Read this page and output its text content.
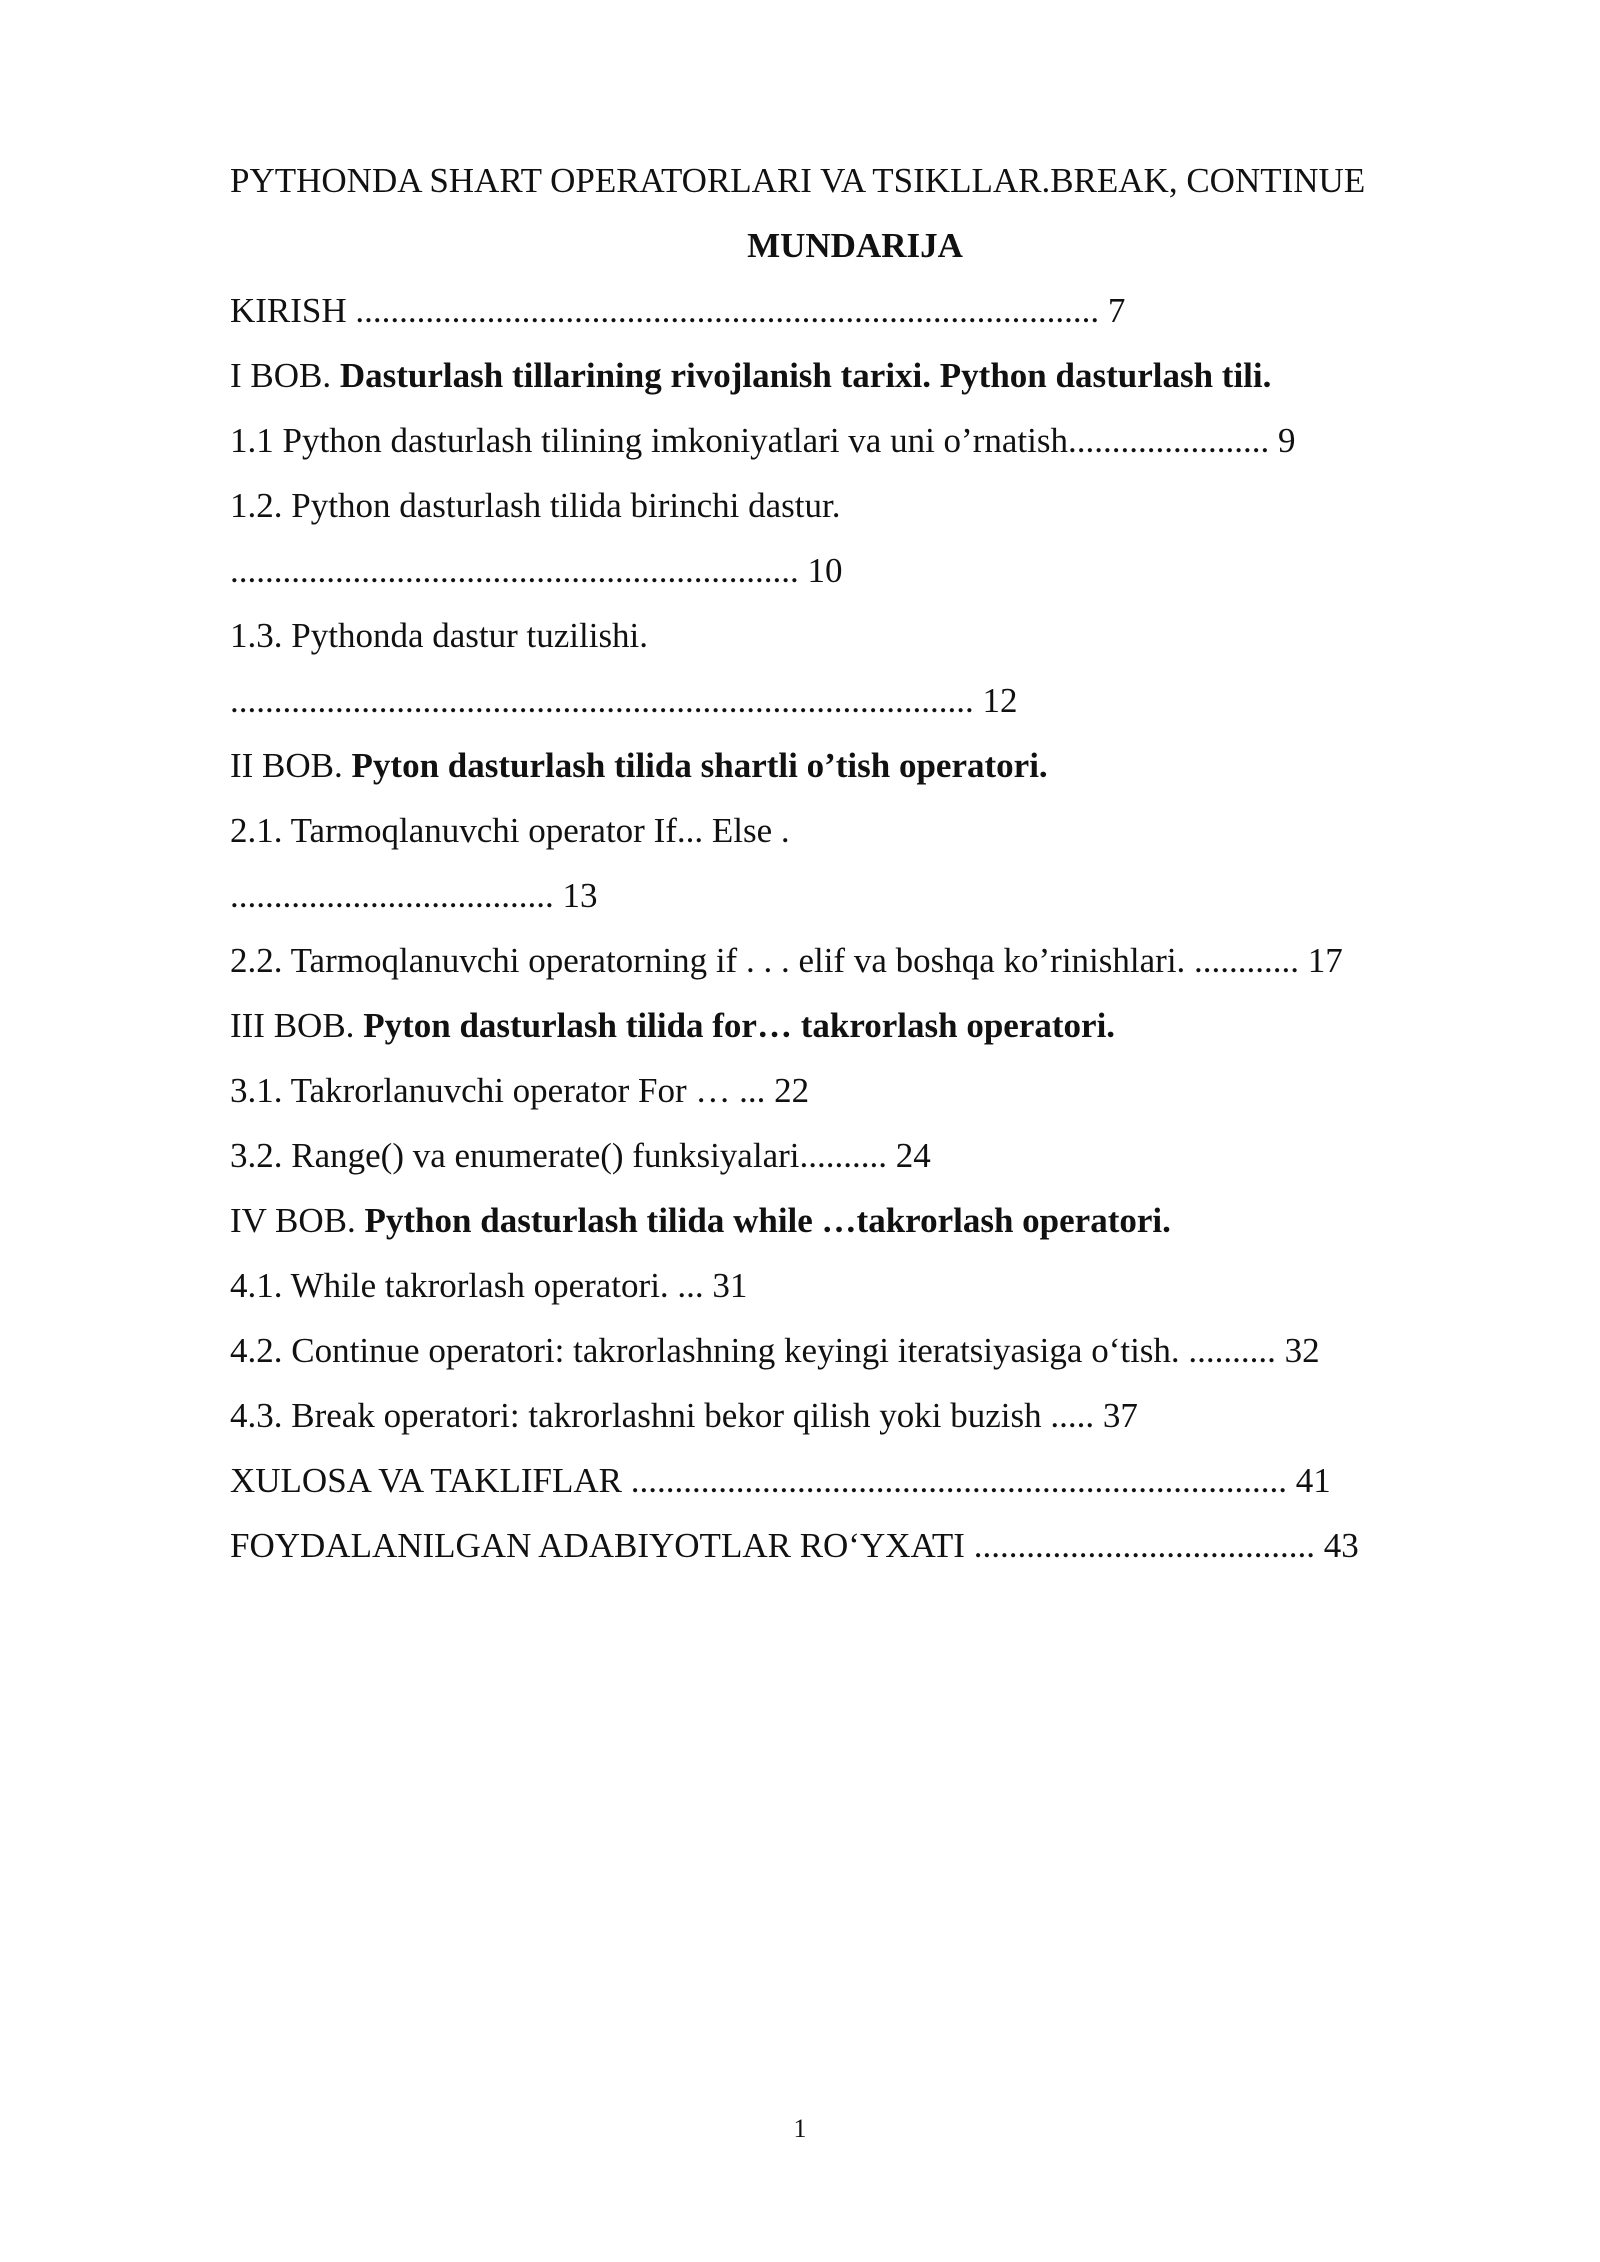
PYTHONDA SHART OPERATORLARI VA TSIKLLAR.BREAK, CONTINUE
MUNDARIJA
KIRISH ..................................................................................... 7
I BOB. Dasturlash tillarining rivojlanish tarixi. Python dasturlash tili.
1.1 Python dasturlash tilining imkoniyatlari va uni o’rnatish....................... 9
1.2. Python dasturlash tilida birinchi dastur.
................................................................. 10
1.3. Pythonda dastur tuzilishi.
..................................................................................... 12
II BOB. Pyton dasturlash tilida shartli o’tish operatori.
2.1. Tarmoqlanuvchi operator If... Else .
..................................... 13
2.2. Tarmoqlanuvchi operatorning if . . . elif va boshqa ko’rinishlari. ............ 17
III BOB. Pyton dasturlash tilida for… takrorlash operatori.
3.1. Takrorlanuvchi operator For … ... 22
3.2. Range() va enumerate() funksiyalari.......... 24
IV BOB. Python dasturlash tilida while …takrorlash operatori.
4.1. While takrorlash operatori. ... 31
4.2. Continue operatori: takrorlashning keyingi iteratsiyasiga o‘tish. .......... 32
4.3. Break operatori: takrorlashni bekor qilish yoki buzish ..... 37
XULOSA VA TAKLIFLAR ........................................................................... 41
FOYDALANILGAN ADABIYOTLAR RO‘YXATI ....................................... 43
1
